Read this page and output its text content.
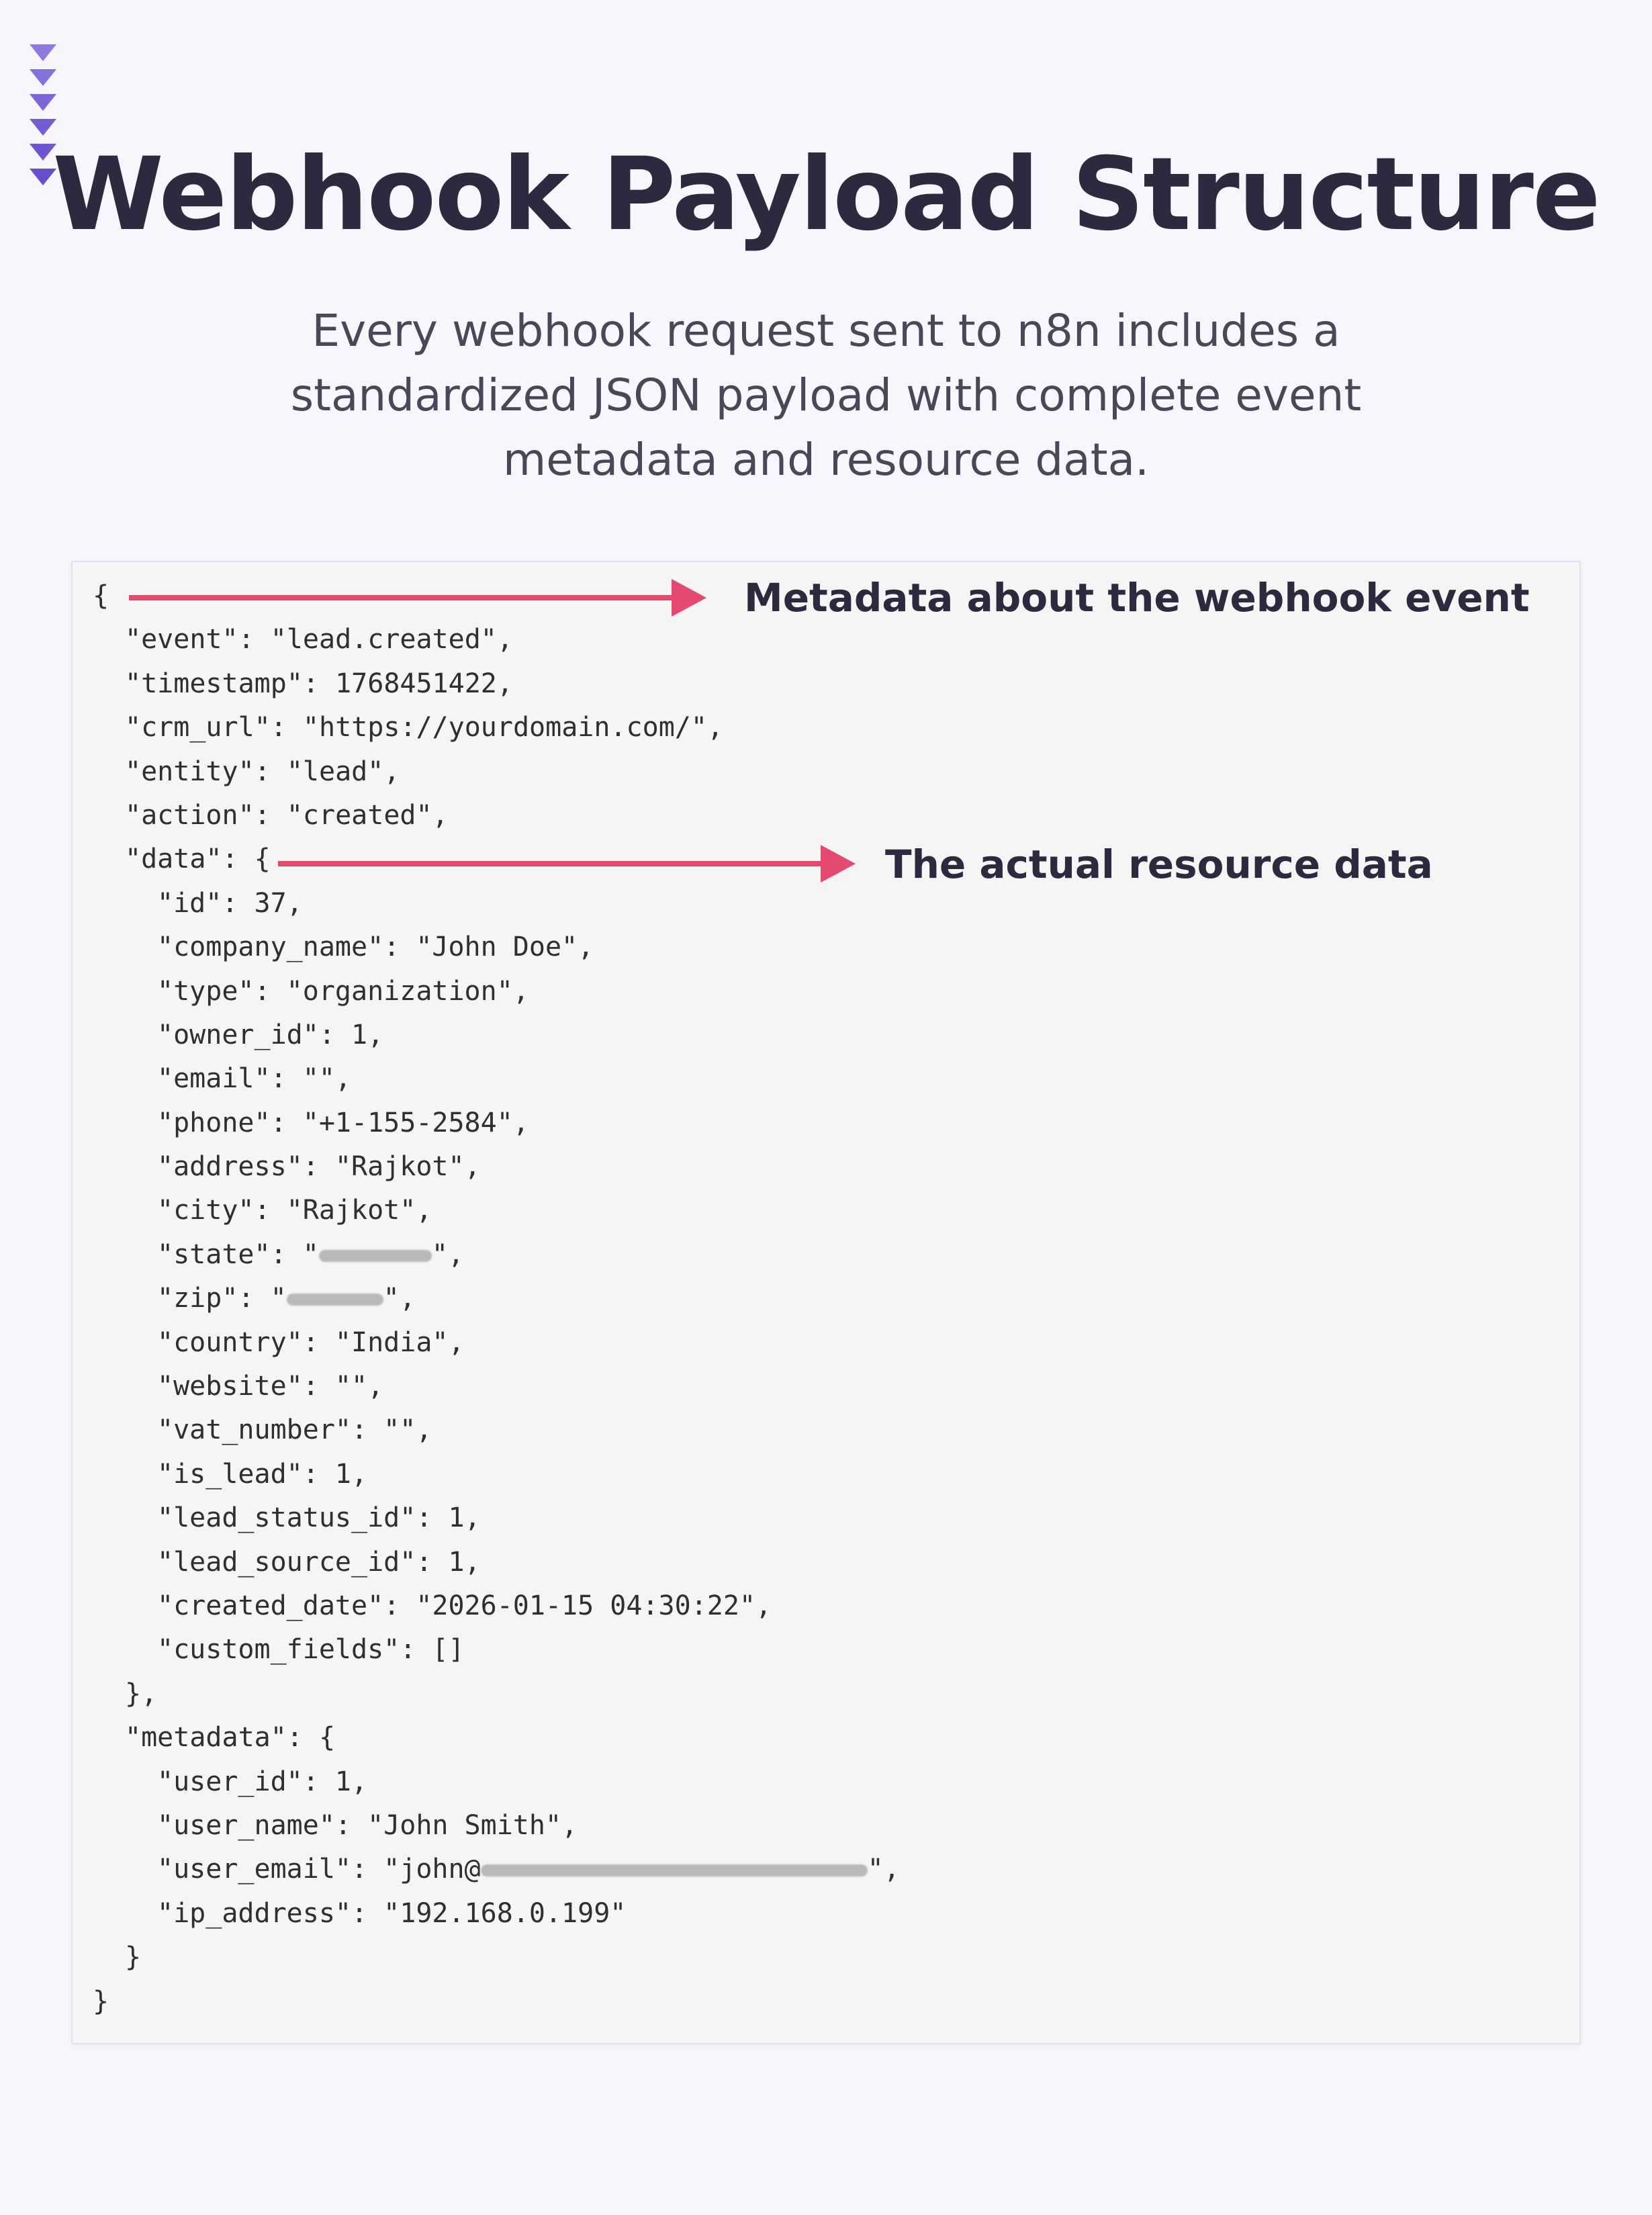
Webhook Payload Structure

Every webhook request sent to n8n includes a standardized JSON payload with complete event metadata and resource data.

{
"event": "lead.created",
"timestamp": 1768451422,
"crm_url": "https://yourdomain.com/",
"entity": "lead",
"action": "created",
"data": {
"id": 37,
"company_name": "John Doe",
"type": "organization",
"owner_id": 1,
"email": "",
"phone": "+1-155-2584",
"address": "Rajkot",
"city": "Rajkot",
"state": "	",
"zip": "	",
"country": "India",
"website": "",
"vat_number": "",
"is_lead": 1,
"lead_status_id": 1,
"lead_source_id": 1,
"created_date": "2026-01-15 04:30:22",
"custom_fields": []
},
"metadata": {
"user_id": 1,
"user_name": "John Smith",
"user_email": "john@	",
"ip_address": "192.168.0.199"
}
}
Metadata about the webhook event
The actual resource data
